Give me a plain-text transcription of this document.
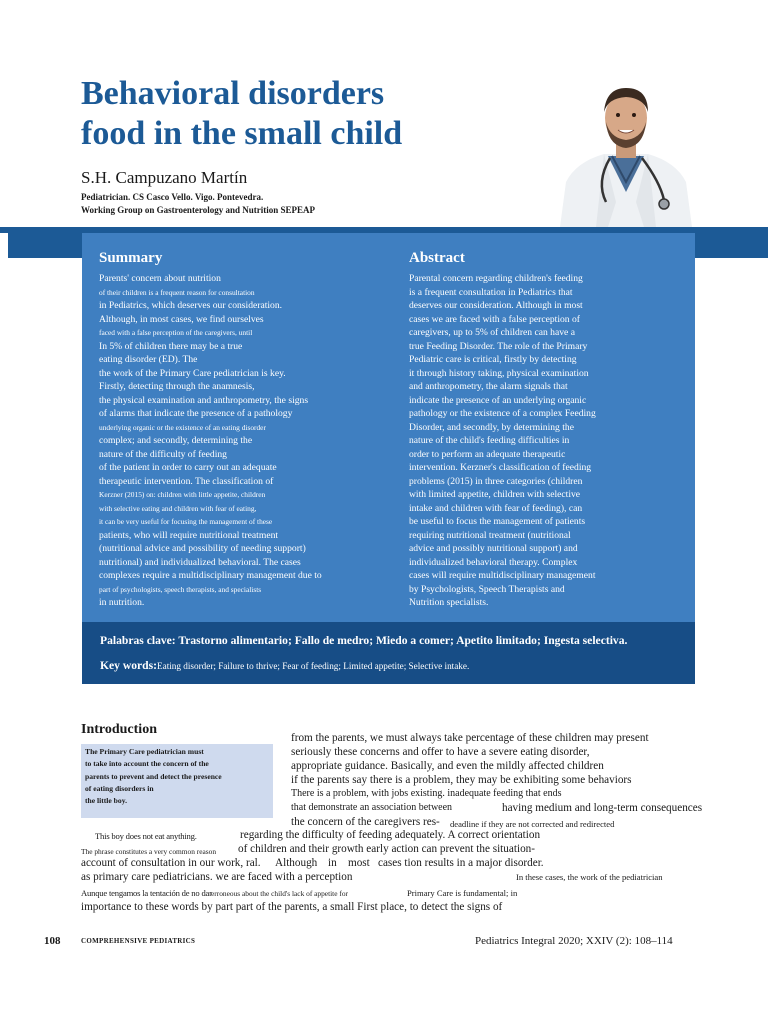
Behavioral disorders
food in the small child
S.H. Campuzano Martín
Pediatrician. CS Casco Vello. Vigo. Pontevedra.
Working Group on Gastroenterology and Nutrition SEPEAP
Summary
Parents' concern about nutrition
of their children is a frequent reason for consultation
in Pediatrics, which deserves our consideration.
Although, in most cases, we find ourselves
faced with a false perception of the caregivers, until
In 5% of children there may be a true
eating disorder (ED). The
the work of the Primary Care pediatrician is key.
Firstly, detecting through the anamnesis,
the physical examination and anthropometry, the signs
of alarms that indicate the presence of a pathology
underlying organic or the existence of an eating disorder
complex; and secondly, determining the
nature of the difficulty of feeding
of the patient in order to carry out an adequate
therapeutic intervention. The classification of
Kerzner (2015) on: children with little appetite, children
with selective eating and children with fear of eating,
it can be very useful for focusing the management of these
patients, who will require nutritional treatment
(nutritional advice and possibility of needing support)
nutritional) and individualized behavioral. The cases
complexes require a multidisciplinary management due to
part of psychologists, speech therapists, and specialists
in nutrition.
Abstract
Parental concern regarding children's feeding
is a frequent consultation in Pediatrics that
deserves our consideration. Although in most
cases we are faced with a false perception of
caregivers, up to 5% of children can have a
true Feeding Disorder. The role of the Primary
Pediatric care is critical, firstly by detecting
it through history taking, physical examination
and anthropometry, the alarm signals that
indicate the presence of an underlying organic
pathology or the existence of a complex Feeding
Disorder, and secondly, by determining the
nature of the child's feeding difficulties in
order to perform an adequate therapeutic
intervention. Kerzner's classification of feeding
problems (2015) in three categories (children
with limited appetite, children with selective
intake and children with fear of feeding), can
be useful to focus the management of patients
requiring nutritional treatment (nutritional
advice and possibly nutritional support) and
individualized behavioral therapy. Complex
cases will require multidisciplinary management
by Psychologists, Speech Therapists and
Nutrition specialists.
Palabras clave: Trastorno alimentario; Fallo de medro; Miedo a comer; Apetito limitado; Ingesta selectiva.
Key words:Eating disorder; Failure to thrive; Fear of feeding; Limited appetite; Selective intake.
Introduction
The Primary Care pediatrician must
to take into account the concern of the
parents to prevent and detect the presence
of eating disorders in
the little boy.
from the parents, we must always take percentage of these children may present
seriously these concerns and offer to have a severe eating disorder,
appropriate guidance. Basically, and even the mildly affected children
if the parents say there is a problem, they may be exhibiting some behaviors
There is a problem, with jobs existing. inadequate feeding that ends
that demonstrate an association between	having medium and long-term consequences
the concern of the caregivers res- deadline if they are not corrected and redirected
This boy does not eat anything.	regarding the difficulty of feeding adequately. A correct orientation
The phrase constitutes a very common reason of children and their growth early action can prevent the situation-
account of consultation in our work, ral. Although in most cases tion results in a major disorder.
as primary care pediatricians. we are faced with a perception	In these cases, the work of the pediatrician
Aunque tengamos la tentación de no dar erroneous about the child's lack of appetite for	Primary Care is fundamental; in
importance to these words by part part of the parents, a small First place, to detect the signs of
108	COMPREHENSIVE PEDIATRICS	Pediatrics Integral 2020; XXIV (2): 108–114
